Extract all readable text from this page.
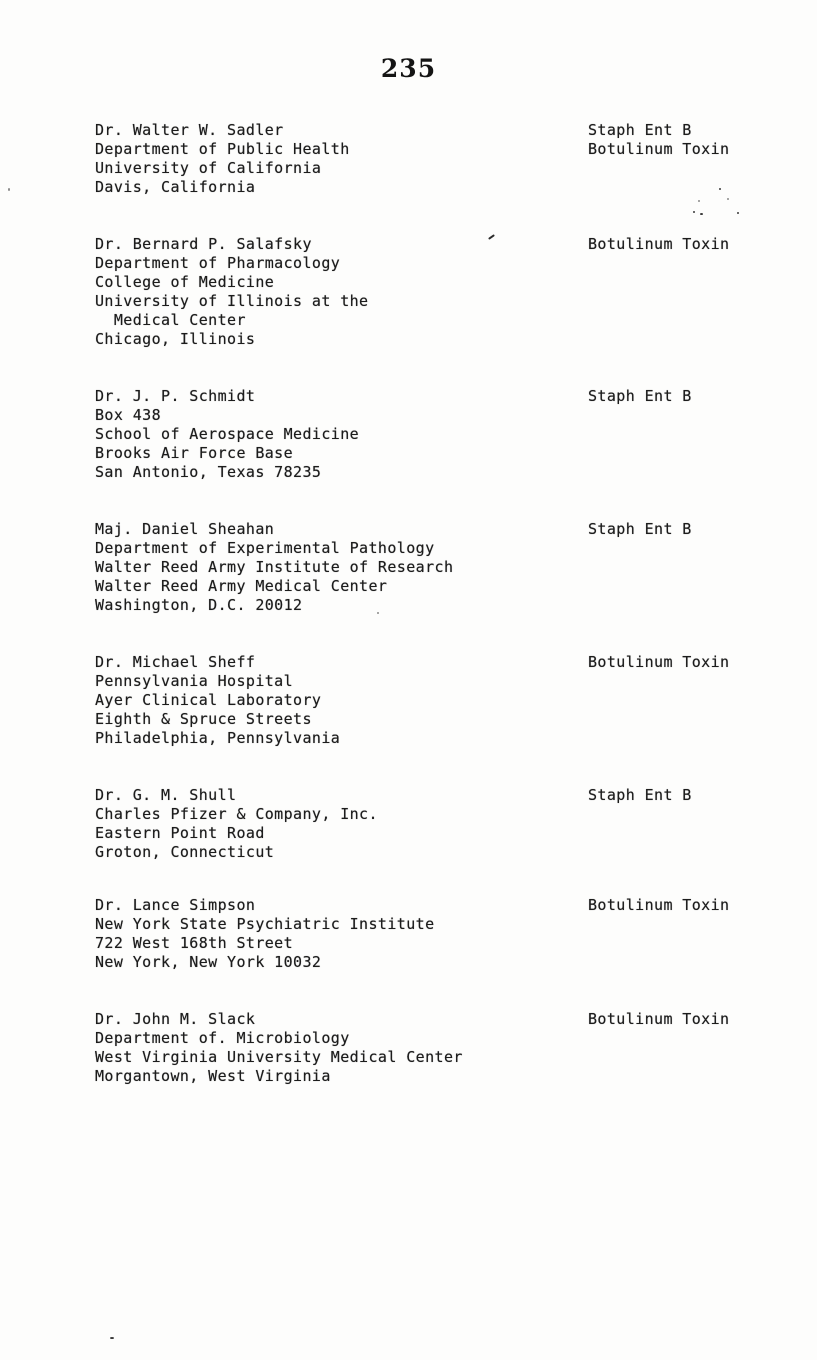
235
Dr. Walter W. Sadler
Department of Public Health
University of California
Davis, California
Staph Ent B
Botulinum Toxin
Dr. Bernard P. Salafsky
Department of Pharmacology
College of Medicine
University of Illinois at the
Medical Center
Chicago, Illinois
Botulinum Toxin
Dr. J. P. Schmidt
Box 438
School of Aerospace Medicine
Brooks Air Force Base
San Antonio, Texas 78235
Staph Ent B
Maj. Daniel Sheahan
Department of Experimental Pathology
Walter Reed Army Institute of Research
Walter Reed Army Medical Center
Washington, D.C. 20012
Staph Ent B
Dr. Michael Sheff
Pennsylvania Hospital
Ayer Clinical Laboratory
Eighth & Spruce Streets
Philadelphia, Pennsylvania
Botulinum Toxin
Dr. G. M. Shull
Charles Pfizer & Company, Inc.
Eastern Point Road
Groton, Connecticut
Staph Ent B
Dr. Lance Simpson
New York State Psychiatric Institute
722 West 168th Street
New York, New York 10032
Botulinum Toxin
Dr. John M. Slack
Department of. Microbiology
West Virginia University Medical Center
Morgantown, West Virginia
Botulinum Toxin
